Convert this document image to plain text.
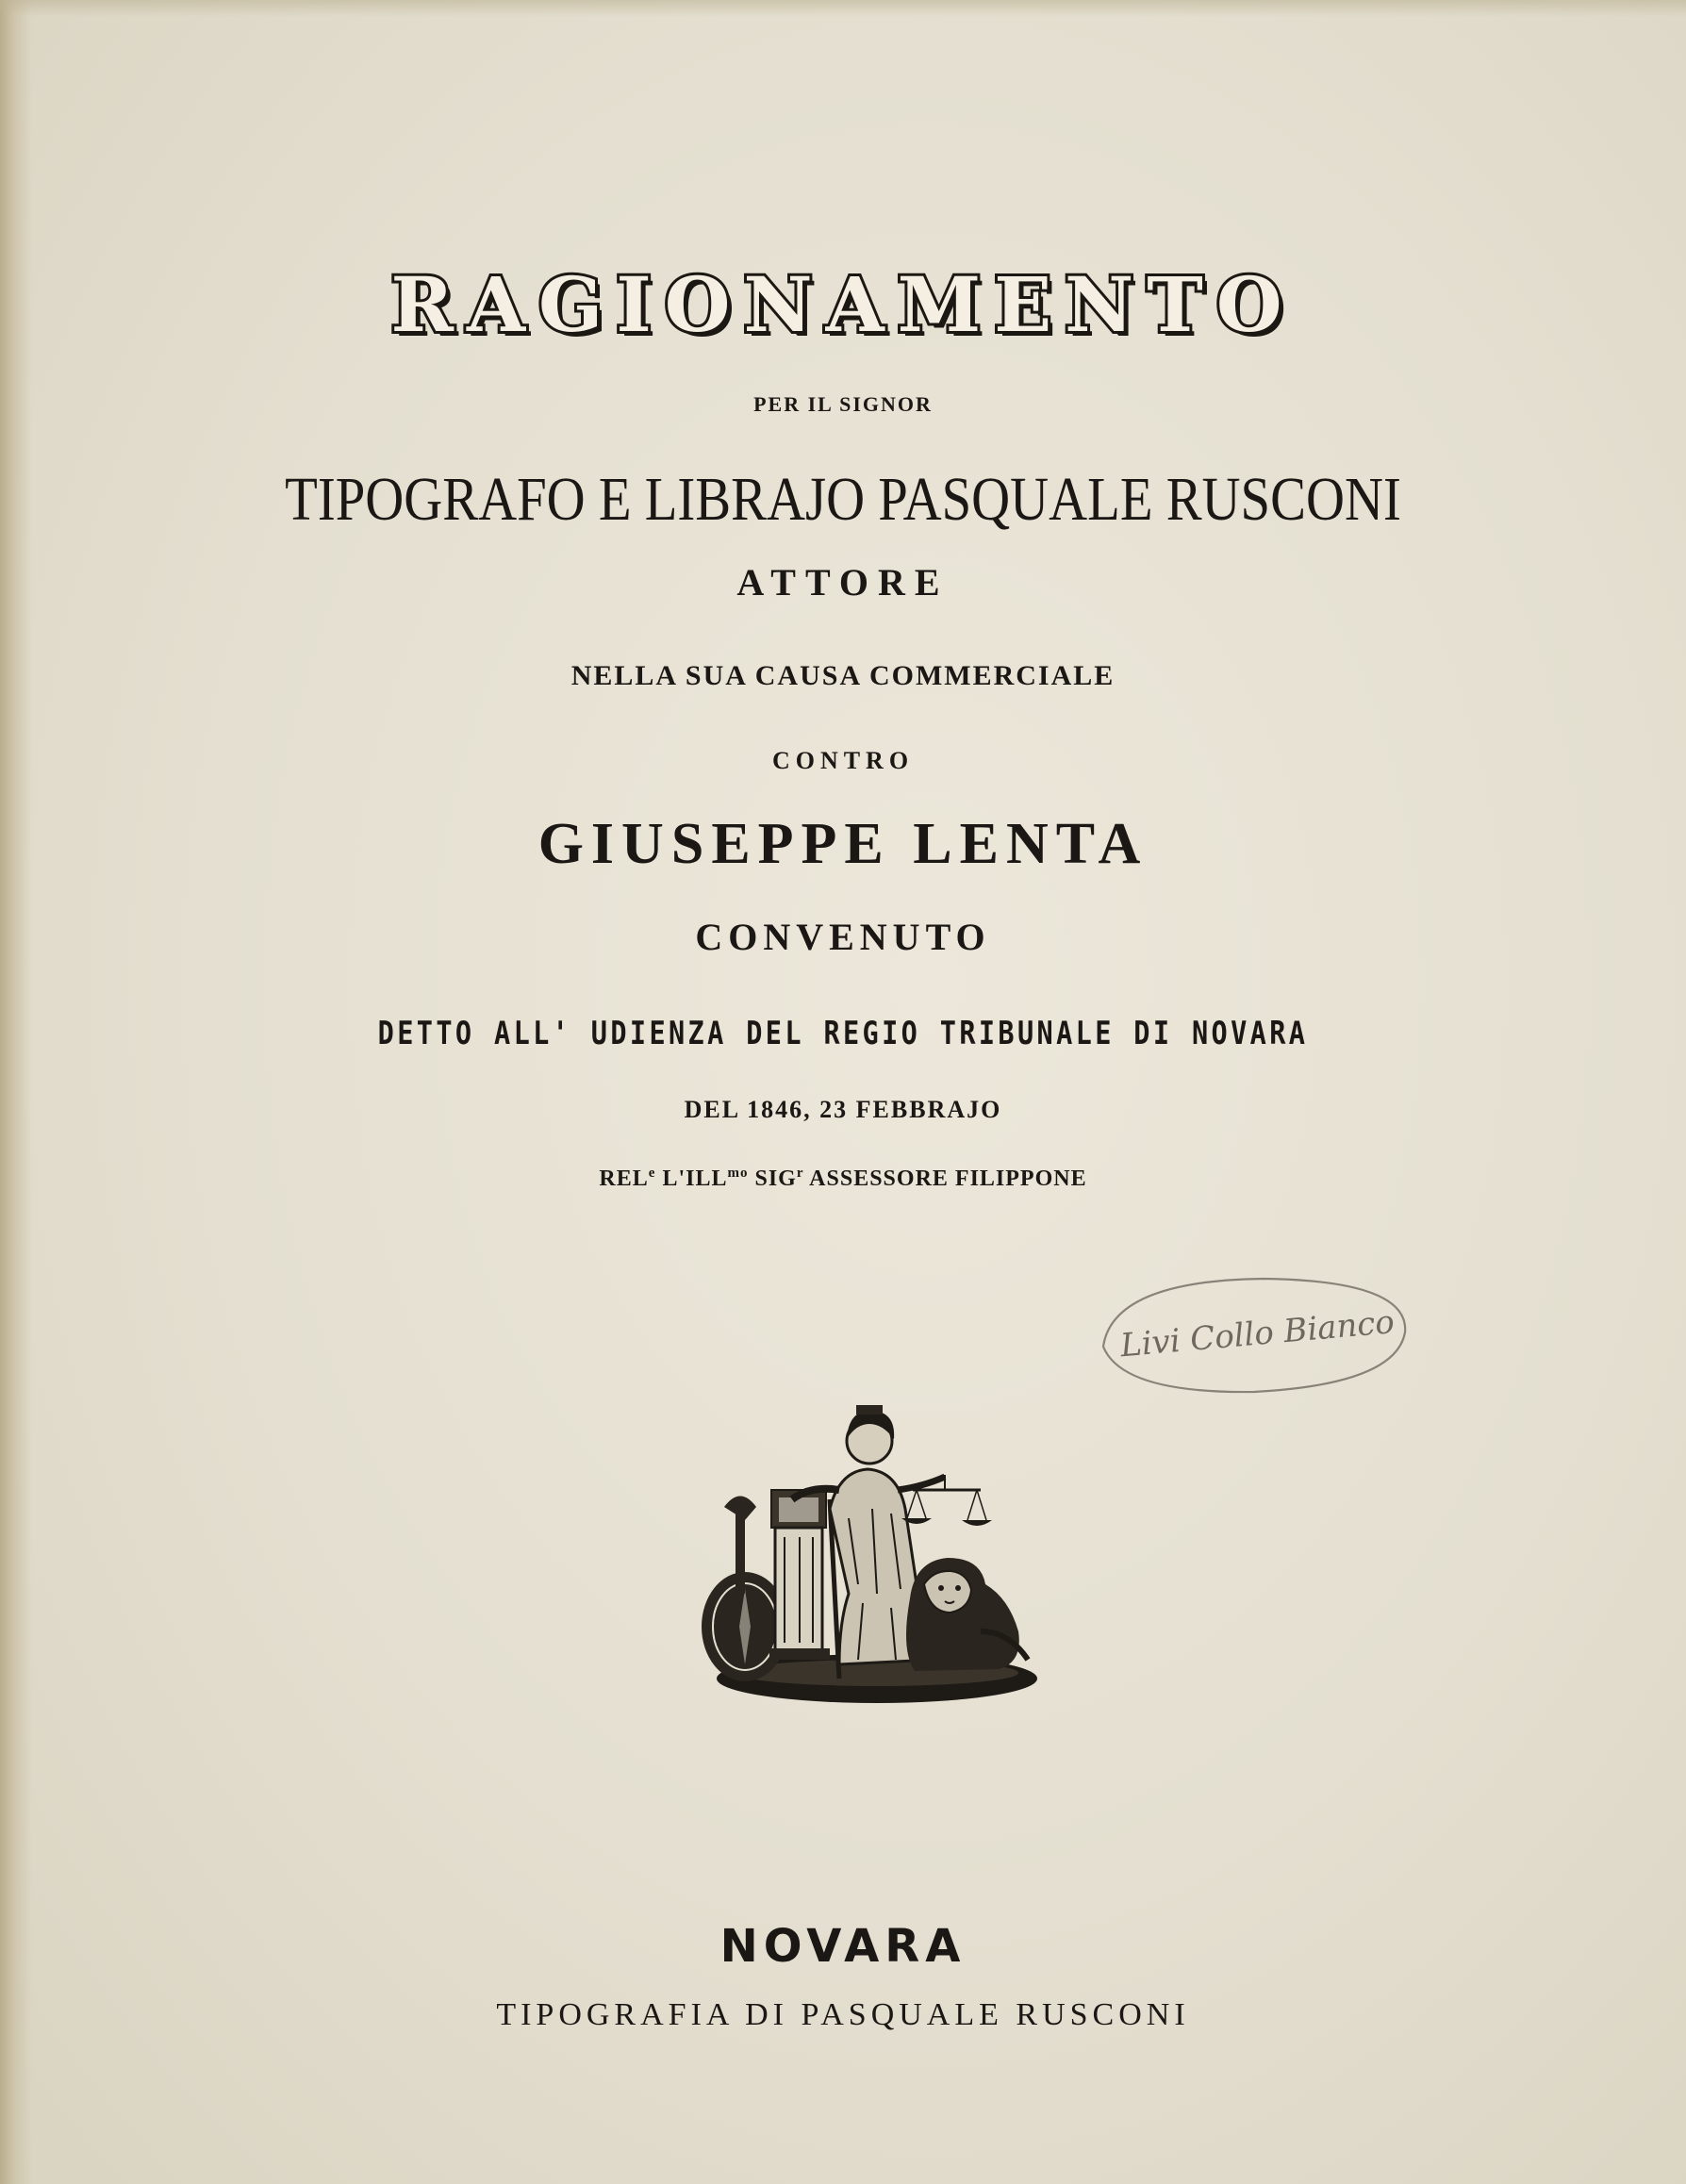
RAGIONAMENTO
PER IL SIGNOR
TIPOGRAFO E LIBRAJO PASQUALE RUSCONI
ATTORE
NELLA SUA CAUSA COMMERCIALE
CONTRO
GIUSEPPE LENTA
CONVENUTO
DETTO ALL' UDIENZA DEL REGIO TRIBUNALE DI NOVARA
DEL 1846, 23 FEBBRAJO
REL$^e$ $L'ILL^{mo}$ SIG$^r$ ASSESSORE FILIPPONE
Livi Collo Bianco
NOVARA
TIPOGRAFIA DI PASQUALE RUSCONI
